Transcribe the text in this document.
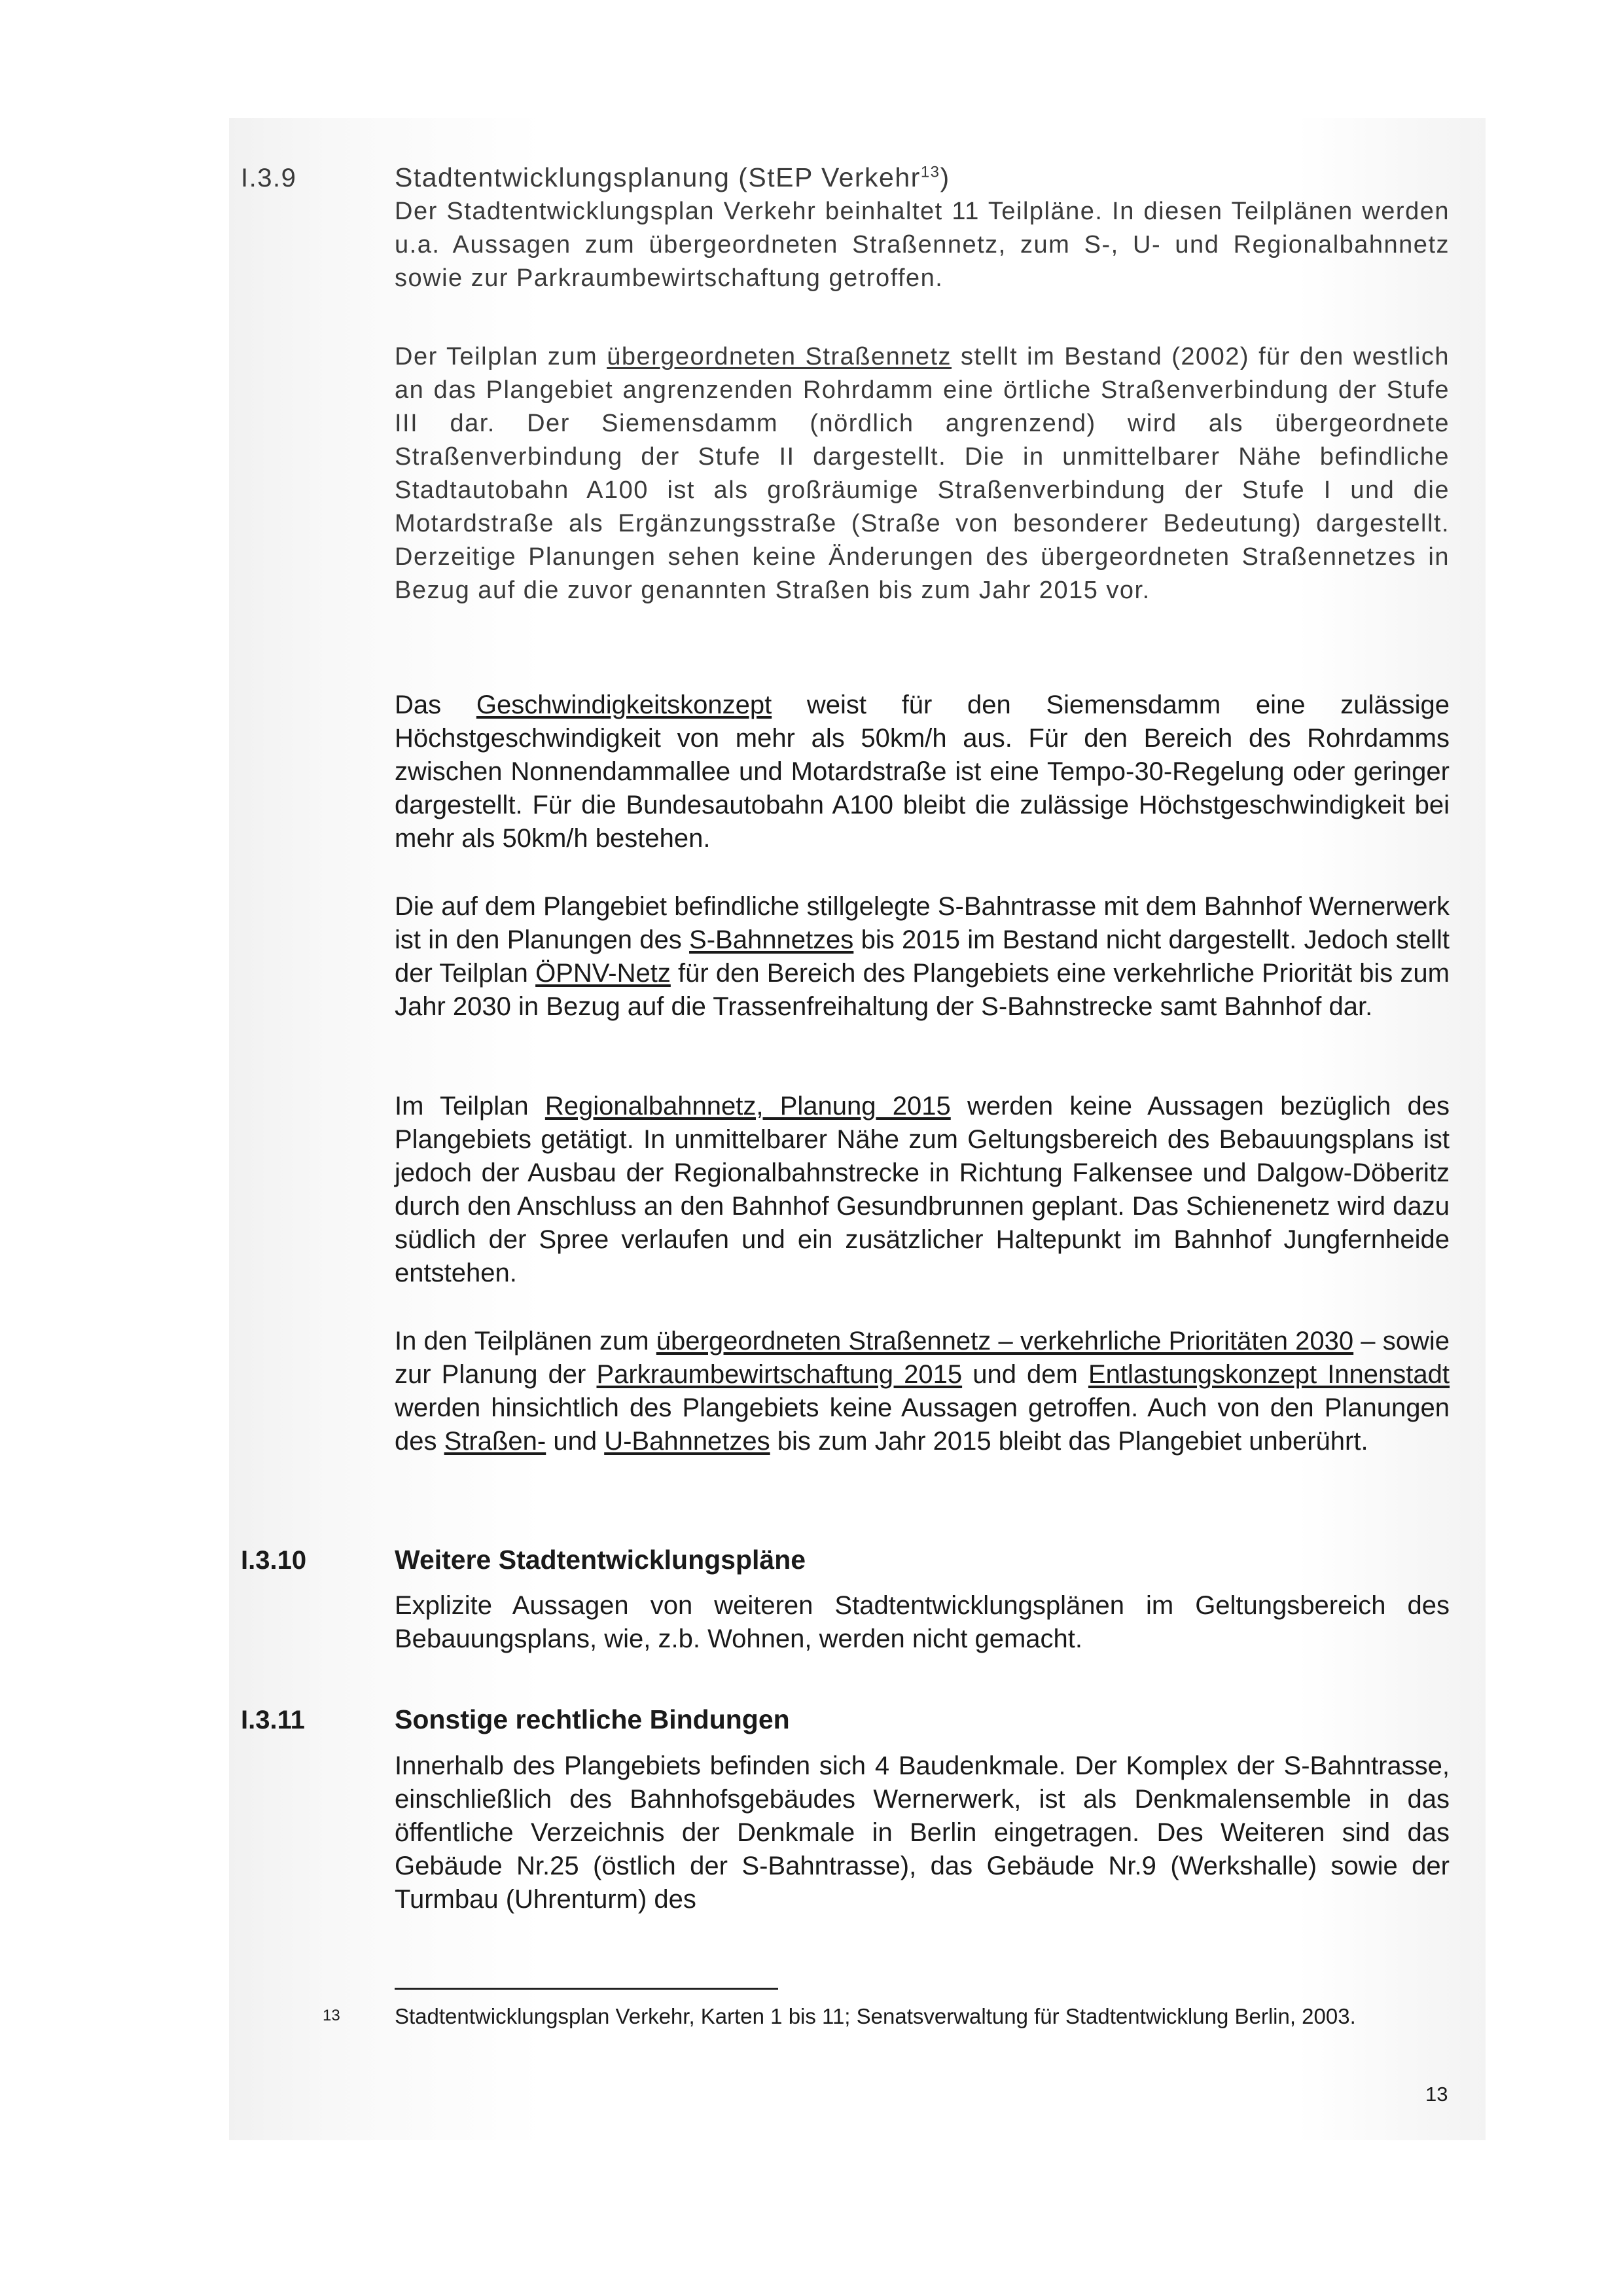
I.3.9	Stadtentwicklungsplanung (StEP Verkehr$^{13}$)

Der Stadtentwicklungsplan Verkehr beinhaltet 11 Teilpläne. In diesen Teilplänen werden u.a. Aussagen zum übergeordneten Straßennetz, zum S-, U- und Regionalbahnnetz sowie zur Parkraumbewirtschaftung getroffen.

Der Teilplan zum übergeordneten Straßennetz stellt im Bestand (2002) für den westlich an das Plangebiet angrenzenden Rohrdamm eine örtliche Straßenverbindung der Stufe III dar. Der Siemensdamm (nördlich angrenzend) wird als übergeordnete Straßenverbindung der Stufe II dargestellt. Die in unmittelbarer Nähe befindliche Stadtautobahn A100 ist als großräumige Straßenverbindung der Stufe I und die Motardstraße als Ergänzungsstraße (Straße von besonderer Bedeutung) dargestellt. Derzeitige Planungen sehen keine Änderungen des übergeordneten Straßennetzes in Bezug auf die zuvor genannten Straßen bis zum Jahr 2015 vor.

Das Geschwindigkeitskonzept weist für den Siemensdamm eine zulässige Höchstgeschwindigkeit von mehr als 50km/h aus. Für den Bereich des Rohrdamms zwischen Nonnendammallee und Motardstraße ist eine Tempo-30-Regelung oder geringer dargestellt. Für die Bundesautobahn A100 bleibt die zulässige Höchstgeschwindigkeit bei mehr als 50km/h bestehen.

Die auf dem Plangebiet befindliche stillgelegte S-Bahntrasse mit dem Bahnhof Wernerwerk ist in den Planungen des S-Bahnnetzes bis 2015 im Bestand nicht dargestellt. Jedoch stellt der Teilplan ÖPNV-Netz für den Bereich des Plangebiets eine verkehrliche Priorität bis zum Jahr 2030 in Bezug auf die Trassenfreihaltung der S-Bahnstrecke samt Bahnhof dar.

Im Teilplan Regionalbahnnetz, Planung 2015 werden keine Aussagen bezüglich des Plangebiets getätigt. In unmittelbarer Nähe zum Geltungsbereich des Bebauungsplans ist jedoch der Ausbau der Regionalbahnstrecke in Richtung Falkensee und Dalgow-Döberitz durch den Anschluss an den Bahnhof Gesundbrunnen geplant. Das Schienenetz wird dazu südlich der Spree verlaufen und ein zusätzlicher Haltepunkt im Bahnhof Jungfernheide entstehen.

In den Teilplänen zum übergeordneten Straßennetz – verkehrliche Prioritäten 2030 – sowie zur Planung der Parkraumbewirtschaftung 2015 und dem Entlastungskonzept Innenstadt werden hinsichtlich des Plangebiets keine Aussagen getroffen. Auch von den Planungen des Straßen- und U-Bahnnetzes bis zum Jahr 2015 bleibt das Plangebiet unberührt.

I.3.10	Weitere Stadtentwicklungspläne

Explizite Aussagen von weiteren Stadtentwicklungsplänen im Geltungsbereich des Bebauungsplans, wie, z.b. Wohnen, werden nicht gemacht.

I.3.11	Sonstige rechtliche Bindungen

Innerhalb des Plangebiets befinden sich 4 Baudenkmale. Der Komplex der S-Bahntrasse, einschließlich des Bahnhofsgebäudes Wernerwerk, ist als Denkmalensemble in das öffentliche Verzeichnis der Denkmale in Berlin eingetragen. Des Weiteren sind das Gebäude Nr.25 (östlich der S-Bahntrasse), das Gebäude Nr.9 (Werkshalle) sowie der Turmbau (Uhrenturm) des

13	Stadtentwicklungsplan Verkehr, Karten 1 bis 11; Senatsverwaltung für Stadtentwicklung Berlin, 2003.
13
